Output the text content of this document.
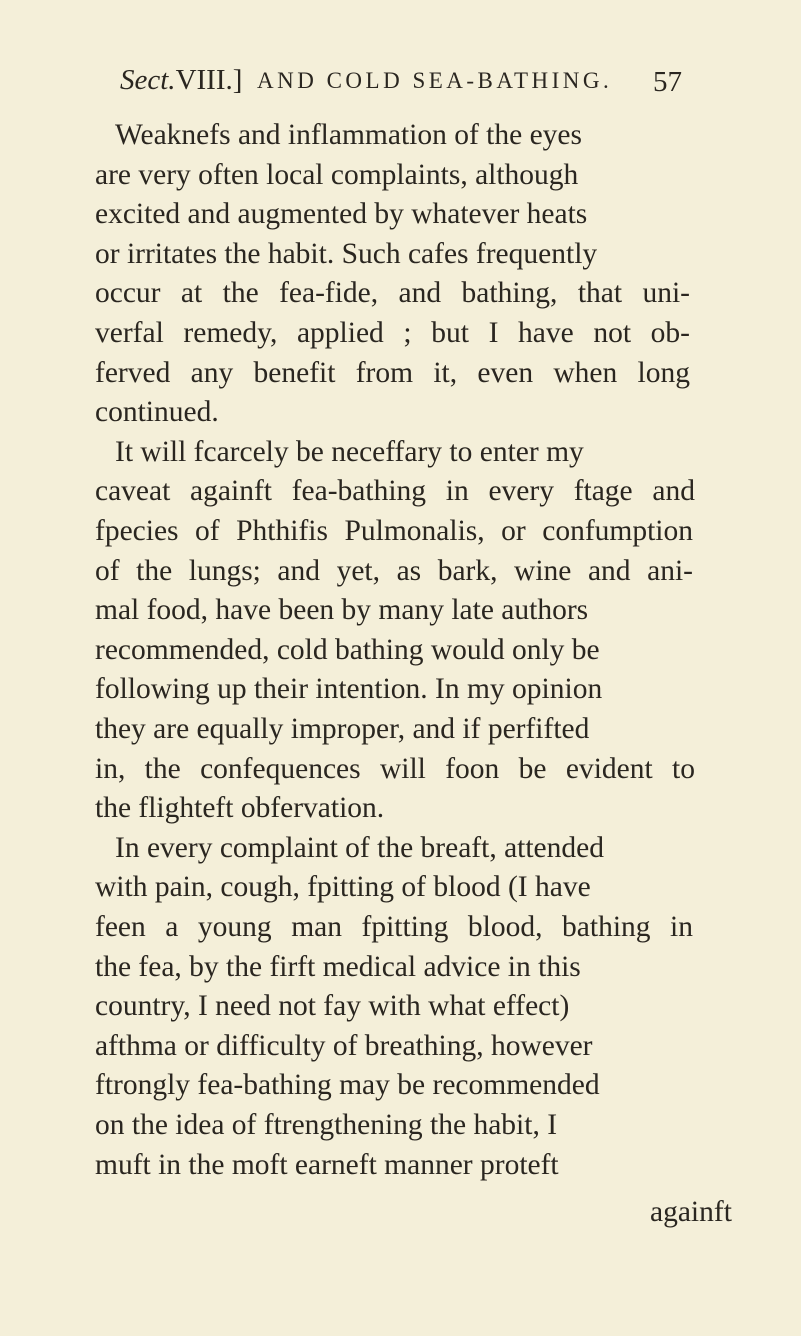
Sect.VIII.] AND COLD SEA-BATHING. 57
Weaknefs and inflammation of the eyes
are very often local complaints, although
excited and augmented by whatever heats
or irritates the habit. Such cafes frequently
occur at the fea-fide, and bathing, that uni-
verfal remedy, applied ; but I have not ob-
ferved any benefit from it, even when long
continued.
It will fcarcely be neceffary to enter my
caveat againft fea-bathing in every ftage and
fpecies of Phthifis Pulmonalis, or confumption
of the lungs; and yet, as bark, wine and ani-
mal food, have been by many late authors
recommended, cold bathing would only be
following up their intention. In my opinion
they are equally improper, and if perfifted
in, the confequences will foon be evident to
the flighteft obfervation.
In every complaint of the breaft, attended
with pain, cough, fpitting of blood (I have
feen a young man fpitting blood, bathing in
the fea, by the firft medical advice in this
country, I need not fay with what effect)
afthma or difficulty of breathing, however
ftrongly fea-bathing may be recommended
on the idea of ftrengthening the habit, I
muft in the moft earneft manner proteft
againft
